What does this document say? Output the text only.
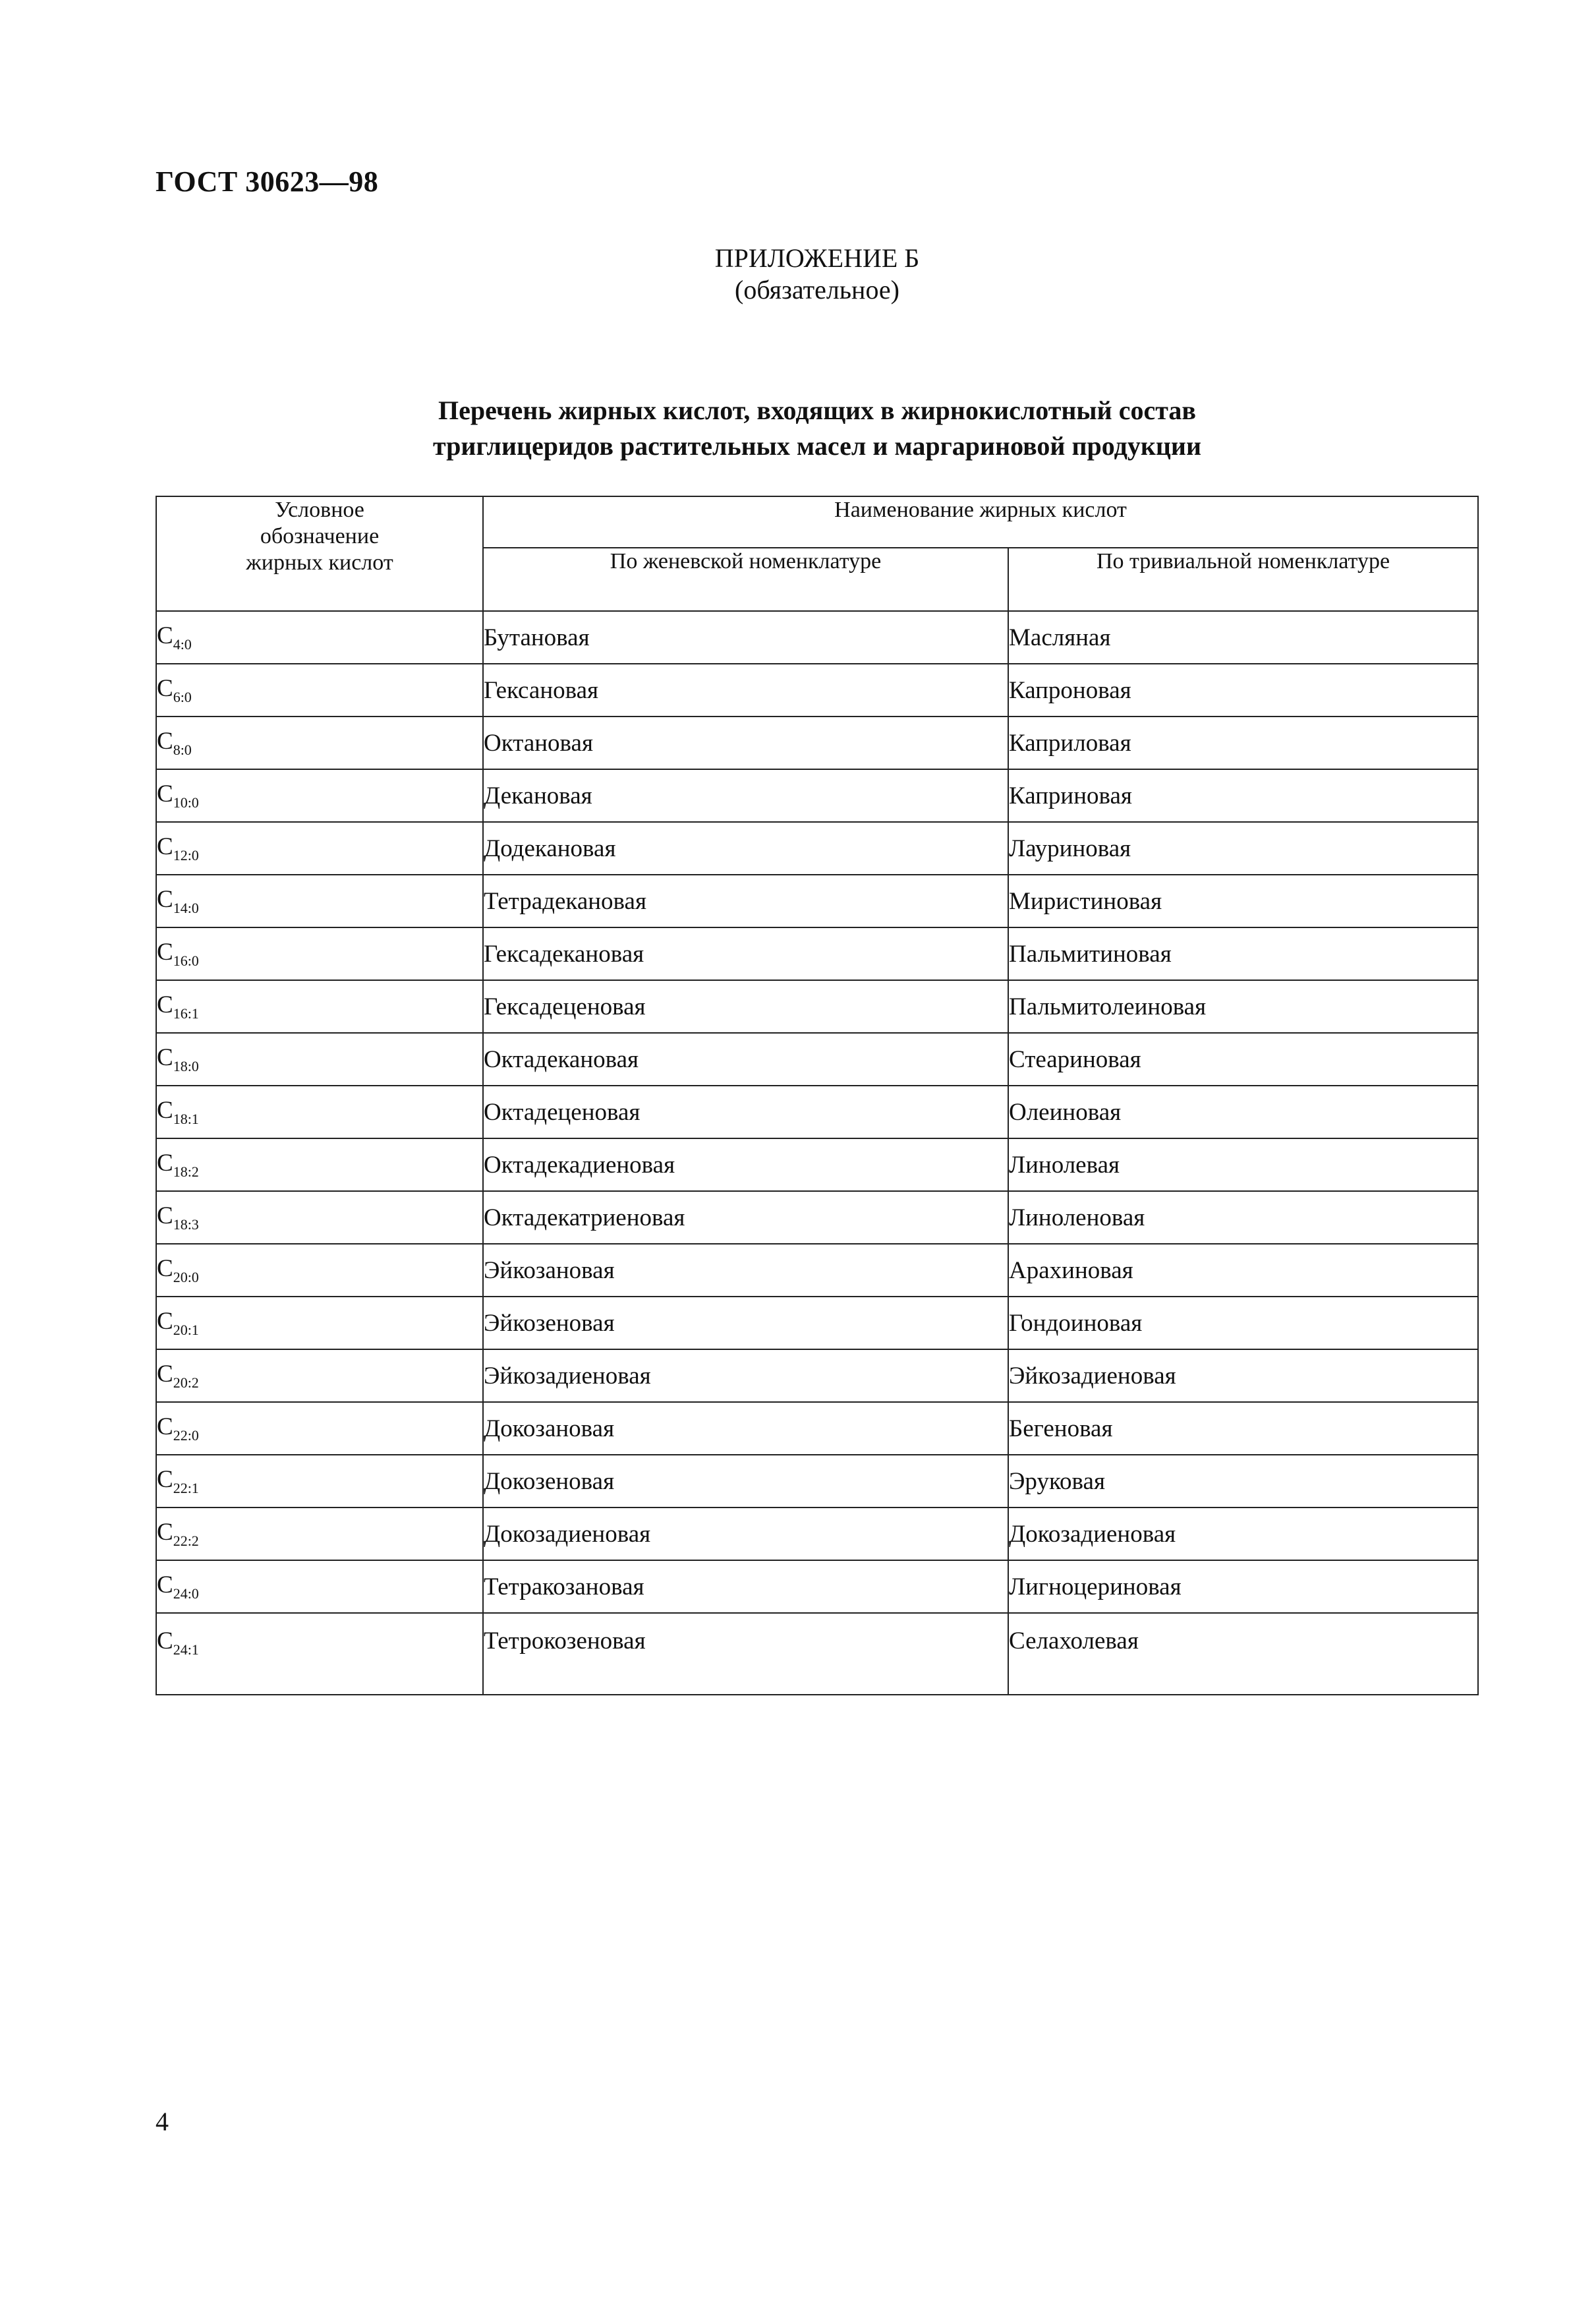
ГОСТ 30623—98
ПРИЛОЖЕНИЕ Б
(обязательное)
Перечень жирных кислот, входящих в жирнокислотный состав
триглицеридов растительных масел и маргариновой продукции
Условное обозначение жирных кислот	Наименование жирных кислот	
	По женевской номенклатуре	По тривиальной номенклатуре
$C_{4:0}$	Бутановая	Масляная
$C_{6:0}$	Гексановая	Капроновая
$C_{8:0}$	Октановая	Каприловая
$C_{10:0}$	Декановая	Каприновая
$C_{12:0}$	Додекановая	Лауриновая
$C_{14:0}$	Тетрадекановая	Миристиновая
$C_{16:0}$	Гексадекановая	Пальмитиновая
$C_{16:1}$	Гексадеценовая	Пальмитолеиновая
$C_{18:0}$	Октадекановая	Стеариновая
$C_{18:1}$	Октадеценовая	Олеиновая
$C_{18:2}$	Октадекадиеновая	Линолевая
$C_{18:3}$	Октадекатриеновая	Линоленовая
$C_{20:0}$	Эйкозановая	Арахиновая
$C_{20:1}$	Эйкозеновая	Гондоиновая
$C_{20:2}$	Эйкозадиеновая	Эйкозадиеновая
$C_{22:0}$	Докозановая	Бегеновая
$C_{22:1}$	Докозеновая	Эруковая
$C_{22:2}$	Докозадиеновая	Докозадиеновая
$C_{24:0}$	Тетракозановая	Лигноцериновая
$C_{24:1}$	Тетрокозеновая	Селахолевая
4
